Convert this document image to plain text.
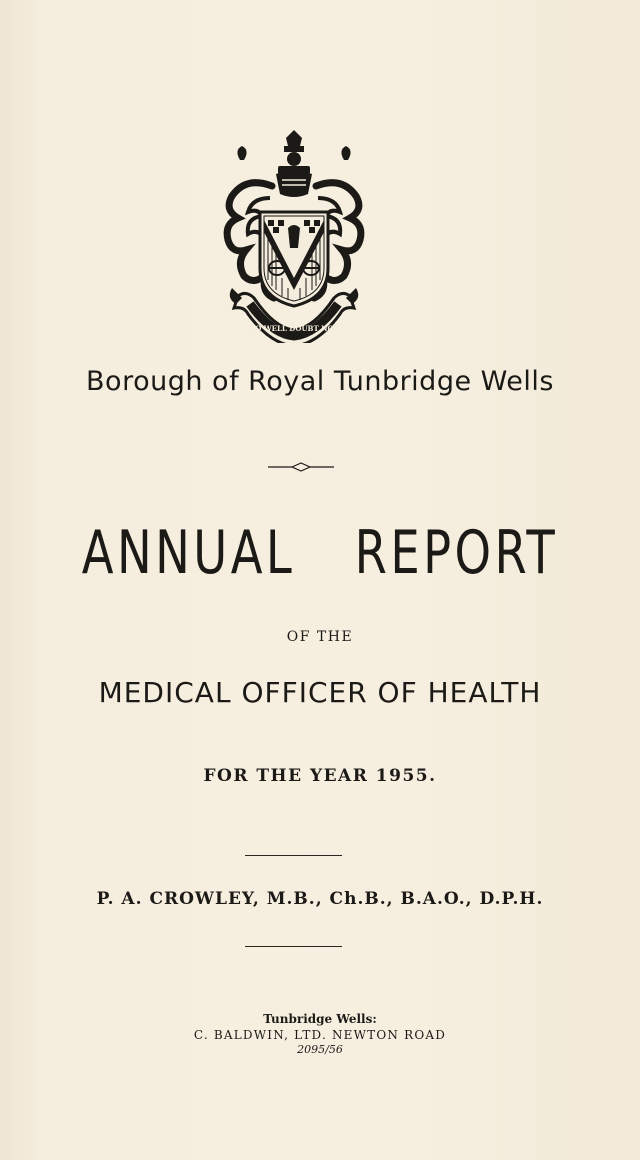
DO WELL DOUBT NOT
Borough of Royal Tunbridge Wells
ANNUAL REPORT
OF THE
MEDICAL OFFICER OF HEALTH
FOR THE YEAR 1955.
P. A. CROWLEY, M.B., Ch.B., B.A.O., D.P.H.
Tunbridge Wells:
C. BALDWIN, LTD. NEWTON ROAD
2095/56
